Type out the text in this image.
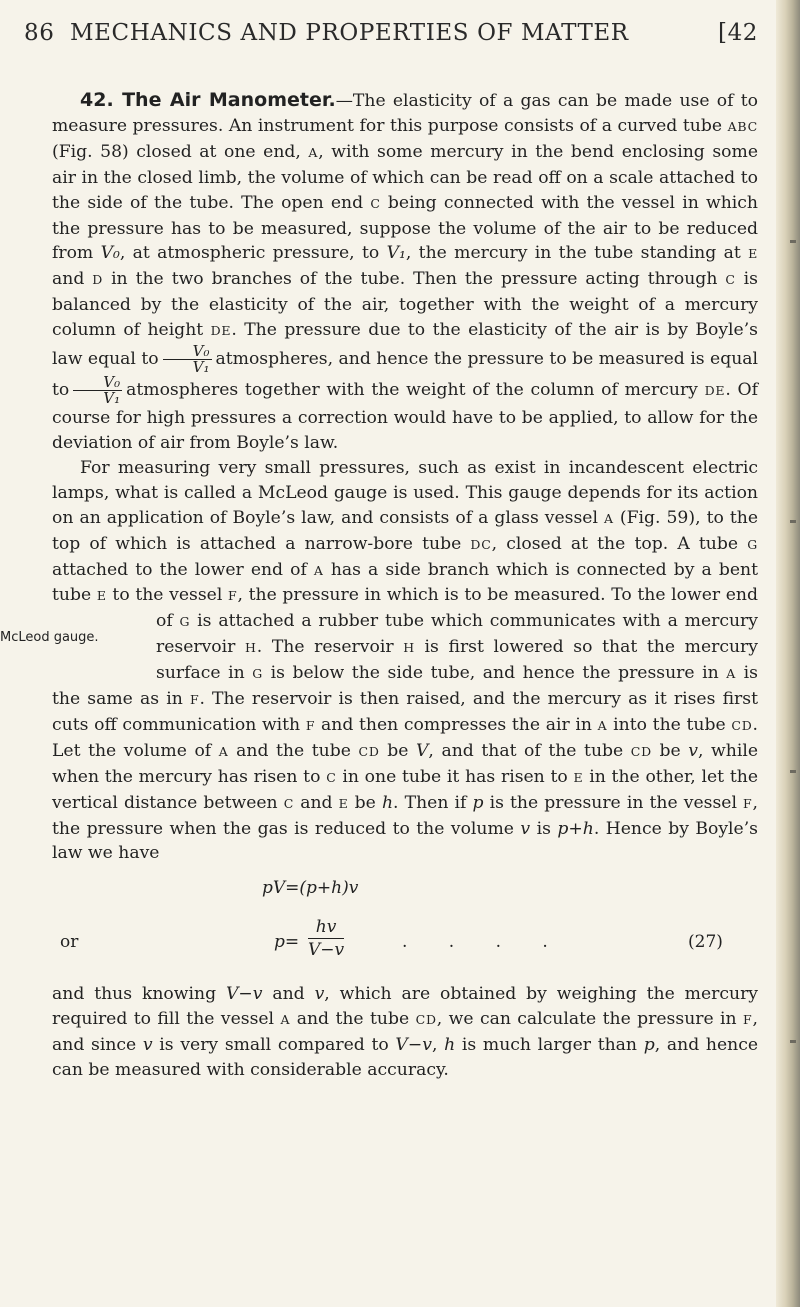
86 MECHANICS AND PROPERTIES OF MATTER	[42

42. The Air Manometer.—The elasticity of a gas can be made use of to measure pressures. An instrument for this purpose consists of a curved tube ABC (Fig. 58) closed at one end, A, with some mercury in the bend enclosing some air in the closed limb, the volume of which can be read off on a scale attached to the side of the tube. The open end C being connected with the vessel in which the pressure has to be measured, suppose the volume of the air to be reduced from V₀, at atmospheric pressure, to V₁, the mercury in the tube standing at E and D in the two branches of the tube. Then the pressure acting through C is balanced by the elasticity of the air, together with the weight of a mercury column of height DE. The pressure due to the elasticity of the air is by Boyle’s law equal to $\frac{\text{V₀}}{\text{V₁}}$ atmospheres, and hence the pressure to be measured is equal to $\frac{\text{V₀}}{\text{V₁}}$ atmospheres together with the weight of the column of mercury DE. Of course for high pressures a correction would have to be applied, to allow for the deviation of air from Boyle’s law.

For measuring very small pressures, such as exist in incandescent electric lamps, what is called a McLeod gauge is used. This gauge depends for its action on an application of Boyle’s law, and consists of a glass vessel A (Fig. 59), to the top of which is attached a narrow-bore tube DC, closed at the top. A tube G attached to the lower end of A has a side branch which is connected by a bent tube E to the vessel F, the pressure in which is to be measured. To the lower end of
McLeod gauge.
G is attached a rubber tube which communicates with a mercury reservoir H. The reservoir H is first lowered so that the mercury surface in G is below the side tube, and hence the pressure in A is the same as in F. The reservoir is then raised, and the mercury as it rises first cuts off communication with F and then compresses the air in A into the tube CD. Let the volume of A and the tube CD be V, and that of the tube CD be v, while when the mercury has risen to C in one tube it has risen to E in the other, let the vertical distance between C and E be h. Then if p is the pressure in the vessel F, the pressure when the gas is reduced to the volume v is p+h. Hence by Boyle’s law we have

pV=(p+h)v
or	$p= \frac{hv}{V-v}$	. . . .	(27)

and thus knowing V−v and v, which are obtained by weighing the mercury required to fill the vessel A and the tube CD, we can calculate the pressure in F, and since v is very small compared to V−v, h is much larger than p, and hence can be measured with considerable accuracy.
